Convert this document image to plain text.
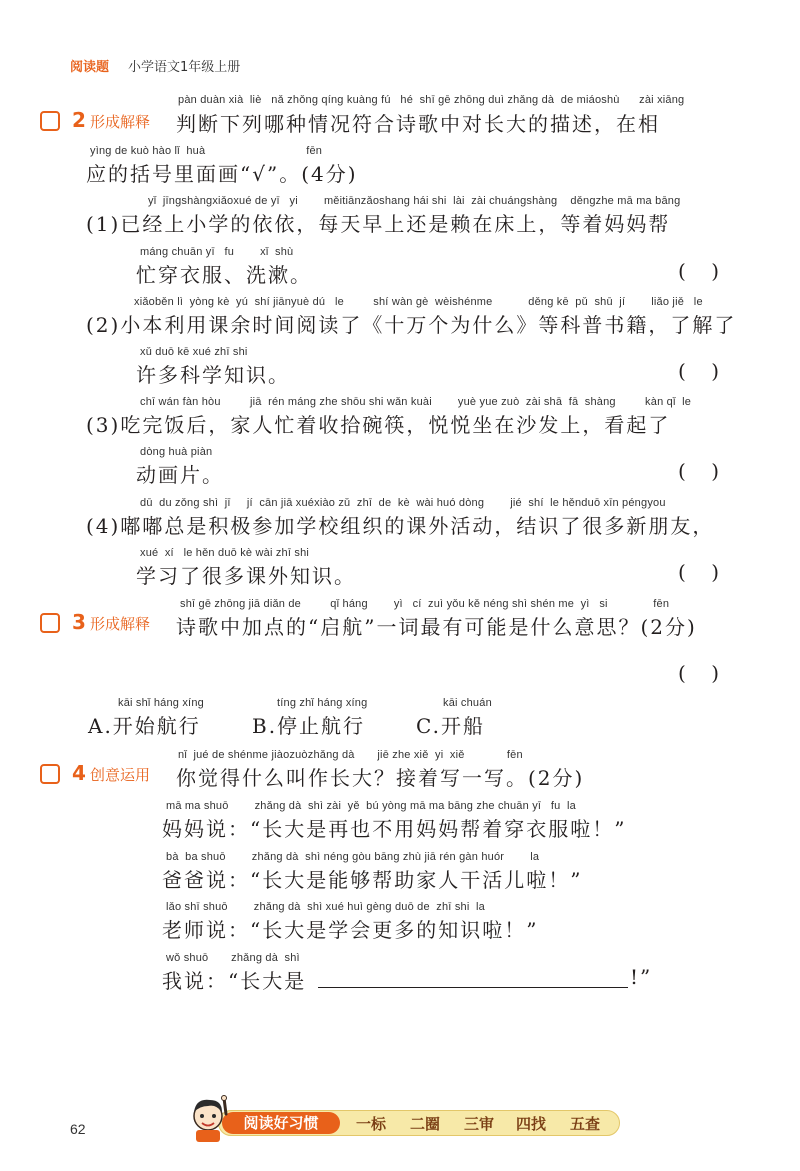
阅读题 小学语文1年级上册
2 形成解释
pàn duàn xià  liè   nǎ zhǒng qíng kuàng fú   hé  shī gē zhōng duì zhǎng dà  de miáoshù      zài xiāng
判断下列哪种情况符合诗歌中对长大的描述，在相
yìng de kuò hào lǐ  huà                               fēn
应的括号里面画“√”。(4分)
yǐ  jīngshàngxiǎoxué de yī   yi        měitiānzǎoshang hái shi  lài  zài chuángshàng    děngzhe mā ma bāng
(1)已经上小学的依依，每天早上还是赖在床上，等着妈妈帮
máng chuān yī   fu        xǐ  shù
忙穿衣服、洗漱。	(    )
xiǎoběn lì  yòng kè  yú  shí jiānyuè dú   le         shí wàn gè  wèishénme           děng kē  pǔ  shū  jí        liǎo jiě   le
(2)小本利用课余时间阅读了《十万个为什么》等科普书籍，了解了
xǔ duō kē xué zhī shi
许多科学知识。	(    )
chī wán fàn hòu         jiā  rén máng zhe shōu shi wǎn kuài        yuè yue zuò  zài shā  fā  shàng         kàn qǐ  le
(3)吃完饭后，家人忙着收拾碗筷，悦悦坐在沙发上，看起了
dòng huà piàn
动画片。	(    )
dū  du zǒng shì  jī     jí  cān jiā xuéxiào zǔ  zhī  de  kè  wài huó dòng        jié  shí  le hěnduō xīn péngyou
(4)嘟嘟总是积极参加学校组织的课外活动，结识了很多新朋友，
xué  xí   le hěn duō kè wài zhī shi
学习了很多课外知识。	(    )
3 形成解释
shī gē zhōng jiā diǎn de         qǐ háng        yì   cí  zuì yǒu kě néng shì shén me  yì   si              fēn
诗歌中加点的“启航”一词最有可能是什么意思？(2分)
(    )
kāi shǐ háng xíng
A.开始航行
tíng zhǐ háng xíng
B.停止航行
kāi chuán
C.开船
4 创意运用
nǐ  jué de shénme jiàozuòzhǎng dà       jiē zhe xiě  yi  xiě             fēn
你觉得什么叫作长大？接着写一写。(2分)
mā ma shuō        zhǎng dà  shì zài  yě  bú yòng mā ma bāng zhe chuān yī   fu  la
妈妈说：“长大是再也不用妈妈帮着穿衣服啦！”
bà  ba shuō        zhǎng dà  shì néng gòu bāng zhù jiā rén gàn huór        la
爸爸说：“长大是能够帮助家人干活儿啦！”
lǎo shī shuō        zhǎng dà  shì xué huì gèng duō de  zhī shi  la
老师说：“长大是学会更多的知识啦！”
wǒ shuō       zhǎng dà  shì
我说：“长大是	!”
62	阅读好习惯	一标 二圈 三审 四找 五查
